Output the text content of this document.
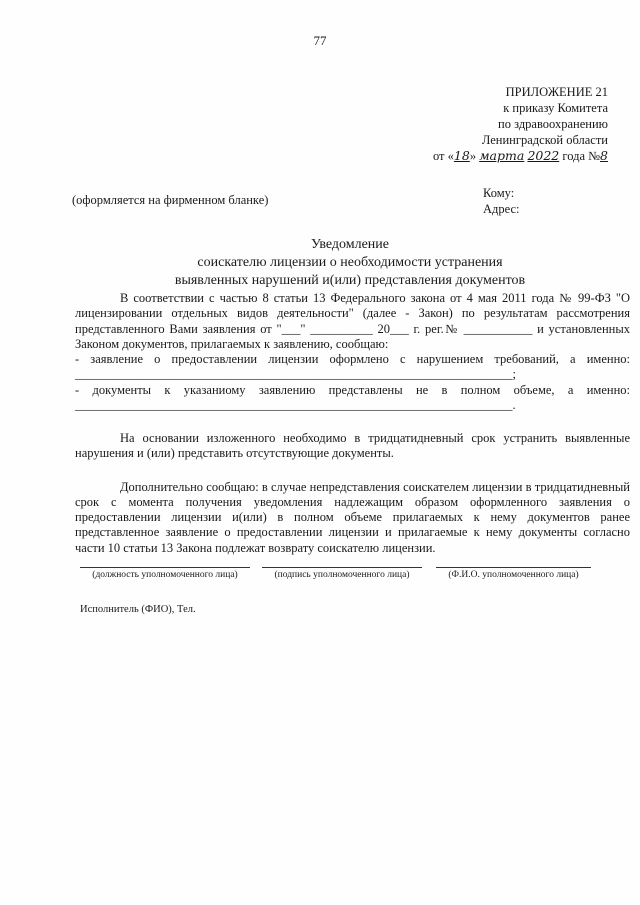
77
ПРИЛОЖЕНИЕ 21
к приказу Комитета
по здравоохранению
Ленинградской области
от «18» марта 2022 года №8
(оформляется на фирменном бланке)	Кому:
Адрес:
Уведомление
соискателю лицензии о необходимости устранения
выявленных нарушений и(или) представления документов

В соответствии с частью 8 статьи 13 Федерального закона от 4 мая 2011 года № 99-ФЗ "О лицензировании отдельных видов деятельности" (далее - Закон) по результатам рассмотрения представленного Вами заявления от "___" __________ 20___ г. рег.№ ___________ и установленных Законом документов, прилагаемых к заявлению, сообщаю:

- заявление о предоставлении лицензии оформлено с нарушением требований, а именно: ______________________________________________________________________;

- документы к указаниому заявлению представлены не в полном объеме, а именно: ______________________________________________________________________.

На основании изложенного необходимо в тридцатидневный срок устранить выявленные нарушения и (или) представить отсутствующие документы.

Дополнительно сообщаю: в случае непредставления соискателем лицензии в тридцатидневный срок с момента получения уведомления надлежащим образом оформленного заявления о предоставлении лицензии и(или) в полном объеме прилагаемых к нему документов ранее представленное заявление о предоставлении лицензии и прилагаемые к нему документы согласно части 10 статьи 13 Закона подлежат возврату соискателю лицензии.

(должность уполномоченного лица)	(подпись уполномоченного лица)	(Ф.И.О. уполномоченного лица)
Исполнитель (ФИО), Тел.
